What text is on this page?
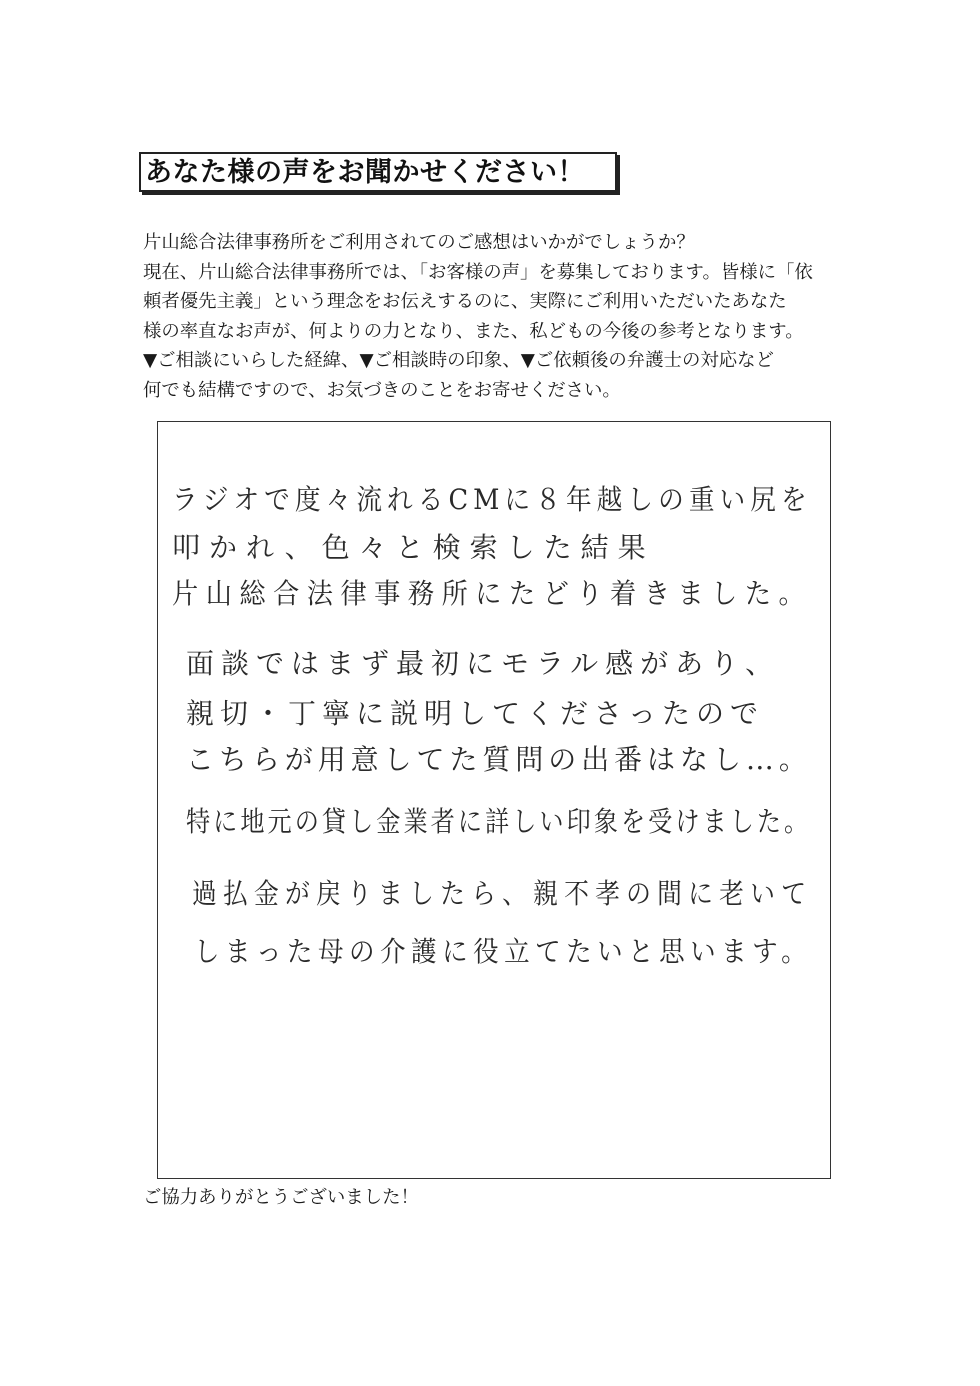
あなた様の声をお聞かせください！
片山総合法律事務所をご利用されてのご感想はいかがでしょうか？
現在、片山総合法律事務所では、「お客様の声」を募集しております。皆様に「依
頼者優先主義」という理念をお伝えするのに、実際にご利用いただいたあなた
様の率直なお声が、何よりの力となり、また、私どもの今後の参考となります。
▼ご相談にいらした経緯、▼ご相談時の印象、▼ご依頼後の弁護士の対応など
何でも結構ですので、お気づきのことをお寄せください。
ラジオで度々流れるCMに８年越しの重い尻を
叩かれ、色々と検索した結果
片山総合法律事務所にたどり着きました。
面談ではまず最初にモラル感があり、
親切・丁寧に説明してくださったので
こちらが用意してた質問の出番はなし…。
特に地元の貸し金業者に詳しい印象を受けました。
過払金が戻りましたら、親不孝の間に老いて
しまった母の介護に役立てたいと思います。
ご協力ありがとうございました！
